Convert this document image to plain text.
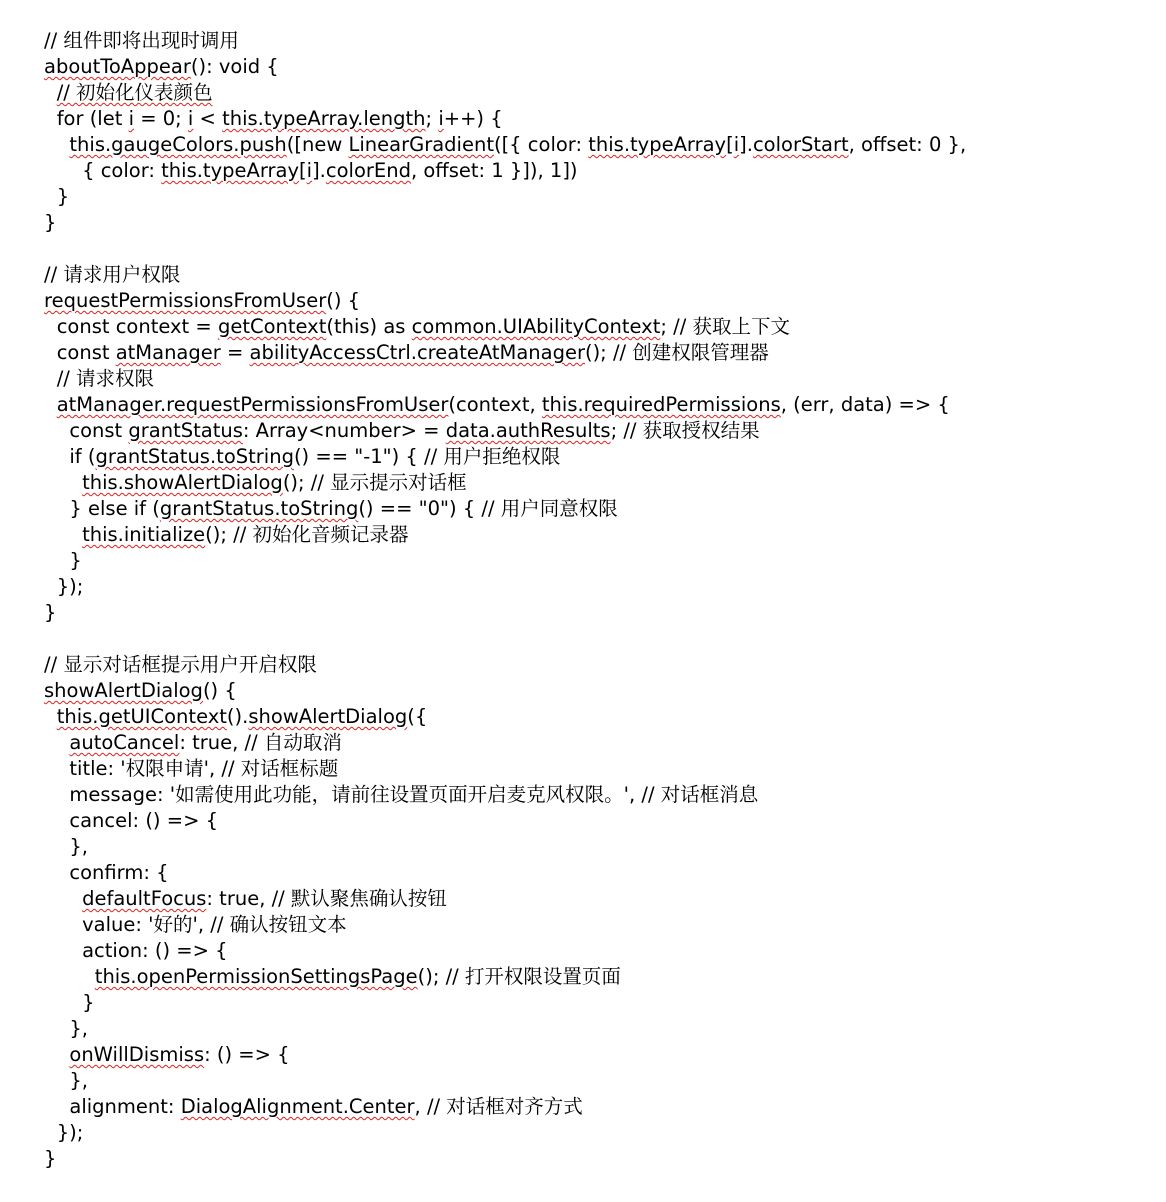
// 组件即将出现时调用
aboutToAppear(): void {
// 初始化仪表颜色
for (let i = 0; i < this.typeArray.length; i++) {
this.gaugeColors.push([new LinearGradient([{ color: this.typeArray[i].colorStart, offset: 0 },
{ color: this.typeArray[i].colorEnd, offset: 1 }]), 1])
}
}
// 请求用户权限
requestPermissionsFromUser() {
const context = getContext(this) as common.UIAbilityContext; // 获取上下文
const atManager = abilityAccessCtrl.createAtManager(); // 创建权限管理器
// 请求权限
atManager.requestPermissionsFromUser(context, this.requiredPermissions, (err, data) => {
const grantStatus: Array<number> = data.authResults; // 获取授权结果
if (grantStatus.toString() == "-1") { // 用户拒绝权限
this.showAlertDialog(); // 显示提示对话框
} else if (grantStatus.toString() == "0") { // 用户同意权限
this.initialize(); // 初始化音频记录器
}
});
}
// 显示对话框提示用户开启权限
showAlertDialog() {
this.getUIContext().showAlertDialog({
autoCancel: true, // 自动取消
title: '权限申请', // 对话框标题
message: '如需使用此功能，请前往设置页面开启麦克风权限。', // 对话框消息
cancel: () => {
},
confirm: {
defaultFocus: true, // 默认聚焦确认按钮
value: '好的', // 确认按钮文本
action: () => {
this.openPermissionSettingsPage(); // 打开权限设置页面
}
},
onWillDismiss: () => {
},
alignment: DialogAlignment.Center, // 对话框对齐方式
});
}
